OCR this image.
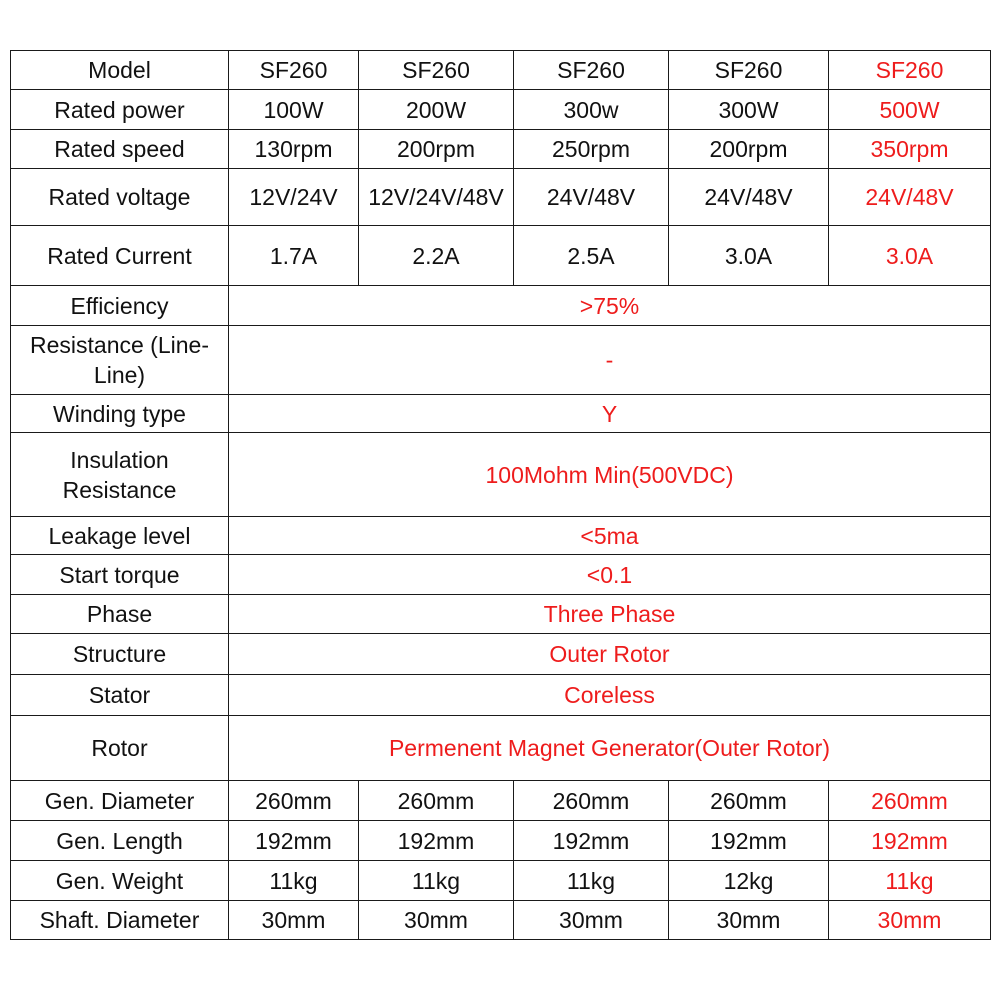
Model	SF260	SF260	SF260	SF260	SF260
Rated power	100W	200W	300w	300W	500W
Rated speed	130rpm	200rpm	250rpm	200rpm	350rpm
Rated voltage	12V/24V	12V/24V/48V	24V/48V	24V/48V	24V/48V
Rated Current	1.7A	2.2A	2.5A	3.0A	3.0A
Efficiency	>75%				
Resistance (Line-Line)	-				
Winding type	Y				
Insulation Resistance	100Mohm Min(500VDC)				
Leakage level	<5ma				
Start torque	<0.1				
Phase	Three Phase				
Structure	Outer Rotor				
Stator	Coreless				
Rotor	Permenent Magnet Generator(Outer Rotor)				
Gen. Diameter	260mm	260mm	260mm	260mm	260mm
Gen. Length	192mm	192mm	192mm	192mm	192mm
Gen. Weight	11kg	11kg	11kg	12kg	11kg
Shaft. Diameter	30mm	30mm	30mm	30mm	30mm
